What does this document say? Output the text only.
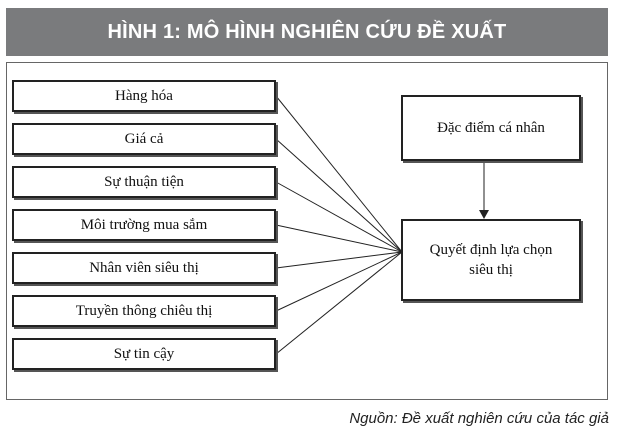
HÌNH 1: MÔ HÌNH NGHIÊN CỨU ĐỀ XUẤT
Hàng hóa
Giá cả
Sự thuận tiện
Môi trường mua sắm
Nhân viên siêu thị
Truyền thông chiêu thị
Sự tin cậy
Đặc điểm cá nhân
Quyết định lựa chọn
siêu thị
Nguồn: Đề xuất nghiên cứu của tác giả
